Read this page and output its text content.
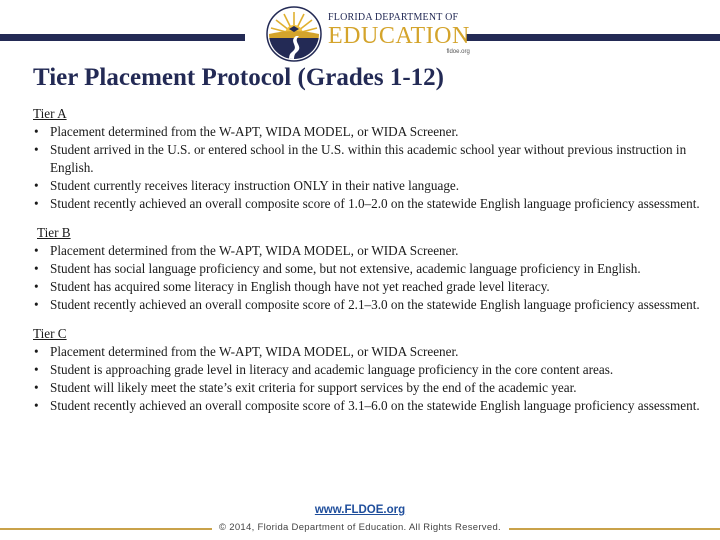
FLORIDA DEPARTMENT OF
EDUCATION
fldoe.org
Tier Placement Protocol (Grades 1-12)
Tier A
• Placement determined from the W-APT, WIDA MODEL, or WIDA Screener.
• Student arrived in the U.S. or entered school in the U.S. within this academic school year without previous instruction in English.
• Student currently receives literacy instruction ONLY in their native language.
• Student recently achieved an overall composite score of 1.0–2.0 on the statewide English language proficiency assessment.
Tier B
• Placement determined from the W-APT, WIDA MODEL, or WIDA Screener.
• Student has social language proficiency and some, but not extensive, academic language proficiency in English.
• Student has acquired some literacy in English though have not yet reached grade level literacy.
• Student recently achieved an overall composite score of 2.1–3.0 on the statewide English language proficiency assessment.
Tier C
• Placement determined from the W-APT, WIDA MODEL, or WIDA Screener.
• Student is approaching grade level in literacy and academic language proficiency in the core content areas.
• Student will likely meet the state’s exit criteria for support services by the end of the academic year.
• Student recently achieved an overall composite score of 3.1–6.0 on the statewide English language proficiency assessment.
www.FLDOE.org
© 2014, Florida Department of Education. All Rights Reserved.
